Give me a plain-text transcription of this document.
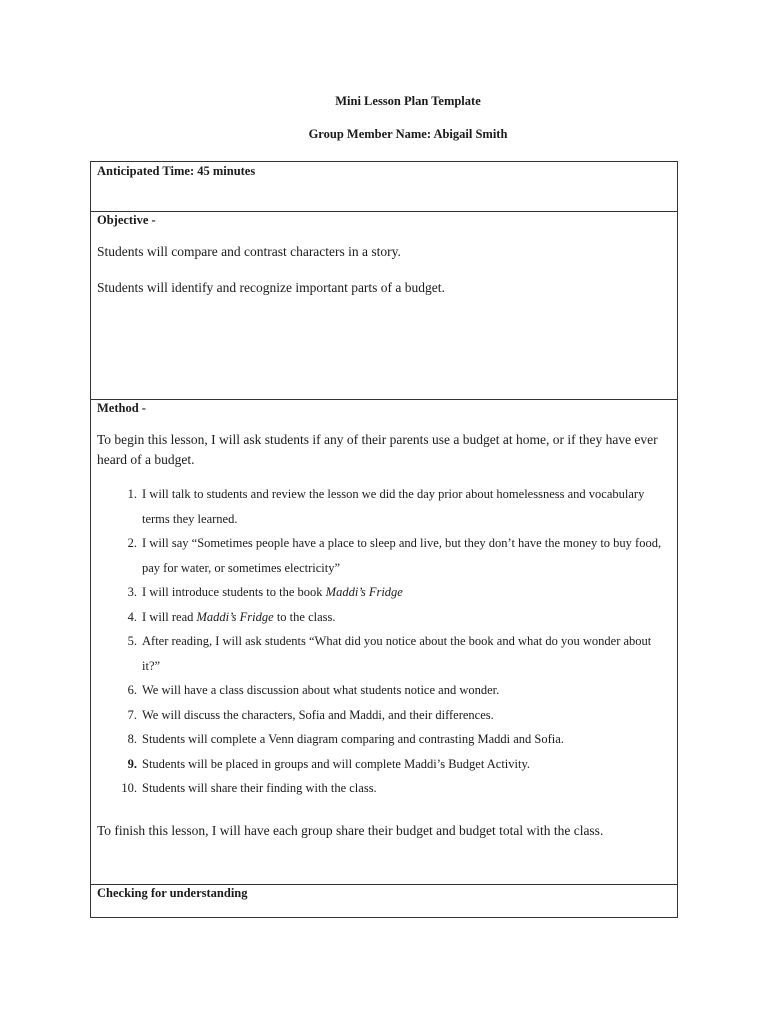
Mini Lesson Plan Template
Group Member Name: Abigail Smith
Anticipated Time: 45 minutes

Objective -

Students will compare and contrast characters in a story.

Students will identify and recognize important parts of a budget.

Method -

To begin this lesson, I will ask students if any of their parents use a budget at home, or if they have ever heard of a budget.

1. I will talk to students and review the lesson we did the day prior about homelessness and vocabulary terms they learned.
2. I will say “Sometimes people have a place to sleep and live, but they don’t have the money to buy food, pay for water, or sometimes electricity”
3. I will introduce students to the book Maddi’s Fridge
4. I will read Maddi’s Fridge to the class.
5. After reading, I will ask students “What did you notice about the book and what do you wonder about it?”
6. We will have a class discussion about what students notice and wonder.
7. We will discuss the characters, Sofia and Maddi, and their differences.
8. Students will complete a Venn diagram comparing and contrasting Maddi and Sofia.
9. Students will be placed in groups and will complete Maddi’s Budget Activity.
10. Students will share their finding with the class.

To finish this lesson, I will have each group share their budget and budget total with the class.

Checking for understanding
